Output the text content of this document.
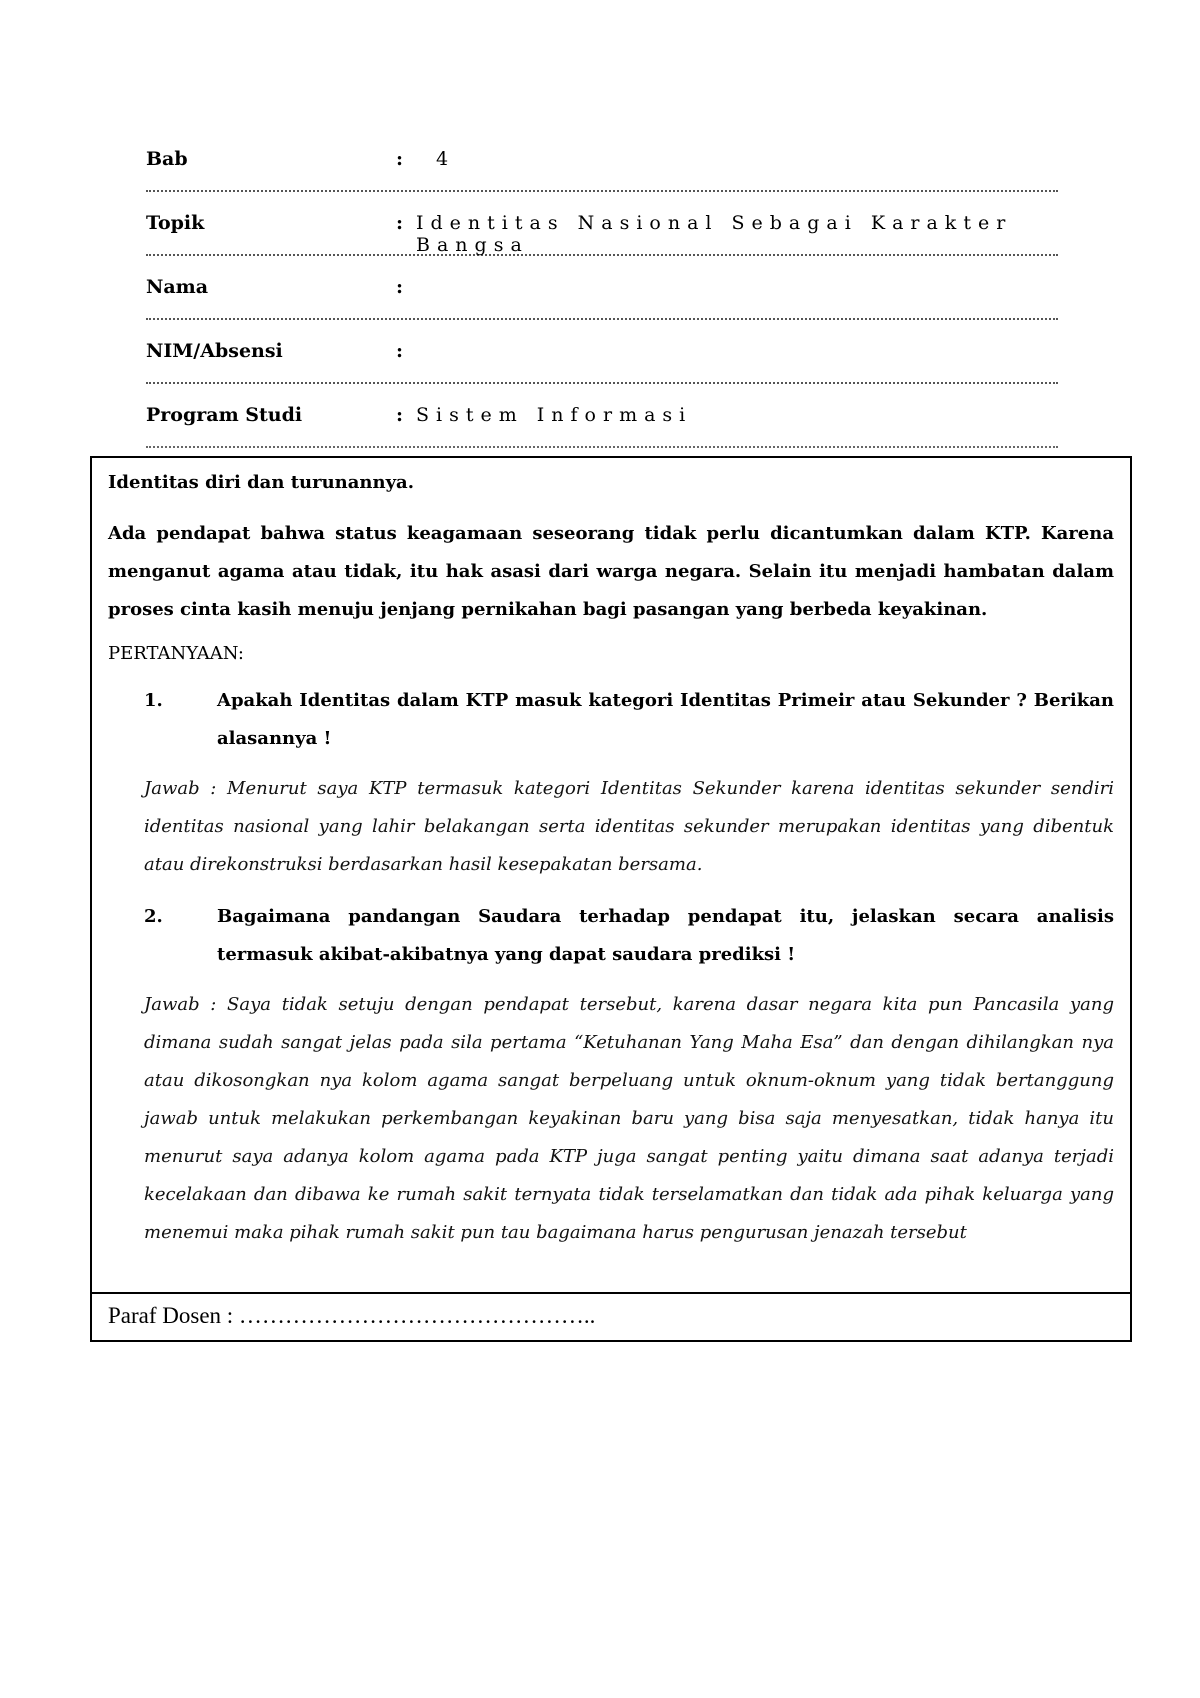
Bab	: 4
Topik	: Identitas Nasional Sebagai Karakter Bangsa
Nama	:
NIM/Absensi	:
Program Studi	: Sistem Informasi
Identitas diri dan turunannya.

Ada pendapat bahwa status keagamaan seseorang tidak perlu dicantumkan dalam KTP. Karena menganut agama atau tidak, itu hak asasi dari warga negara. Selain itu menjadi hambatan dalam proses cinta kasih menuju jenjang pernikahan bagi pasangan yang berbeda keyakinan.

PERTANYAAN:
1.	Apakah Identitas dalam KTP masuk kategori Identitas Primeir atau Sekunder ? Berikan alasannya !

Jawab : Menurut saya KTP termasuk kategori Identitas Sekunder karena identitas sekunder sendiri identitas nasional yang lahir belakangan serta identitas sekunder merupakan identitas yang dibentuk atau direkonstruksi berdasarkan hasil kesepakatan bersama.

2.	Bagaimana pandangan Saudara terhadap pendapat itu, jelaskan secara analisis termasuk akibat-akibatnya yang dapat saudara prediksi !

Jawab : Saya tidak setuju dengan pendapat tersebut, karena dasar negara kita pun Pancasila yang dimana sudah sangat jelas pada sila pertama “Ketuhanan Yang Maha Esa” dan dengan dihilangkan nya atau dikosongkan nya kolom agama sangat berpeluang untuk oknum-oknum yang tidak bertanggung jawab untuk melakukan perkembangan keyakinan baru yang bisa saja menyesatkan, tidak hanya itu menurut saya adanya kolom agama pada KTP juga sangat penting yaitu dimana saat adanya terjadi kecelakaan dan dibawa ke rumah sakit ternyata tidak terselamatkan dan tidak ada pihak keluarga yang menemui maka pihak rumah sakit pun tau bagaimana harus pengurusan jenazah tersebut

Paraf Dosen : ………………………………………..
